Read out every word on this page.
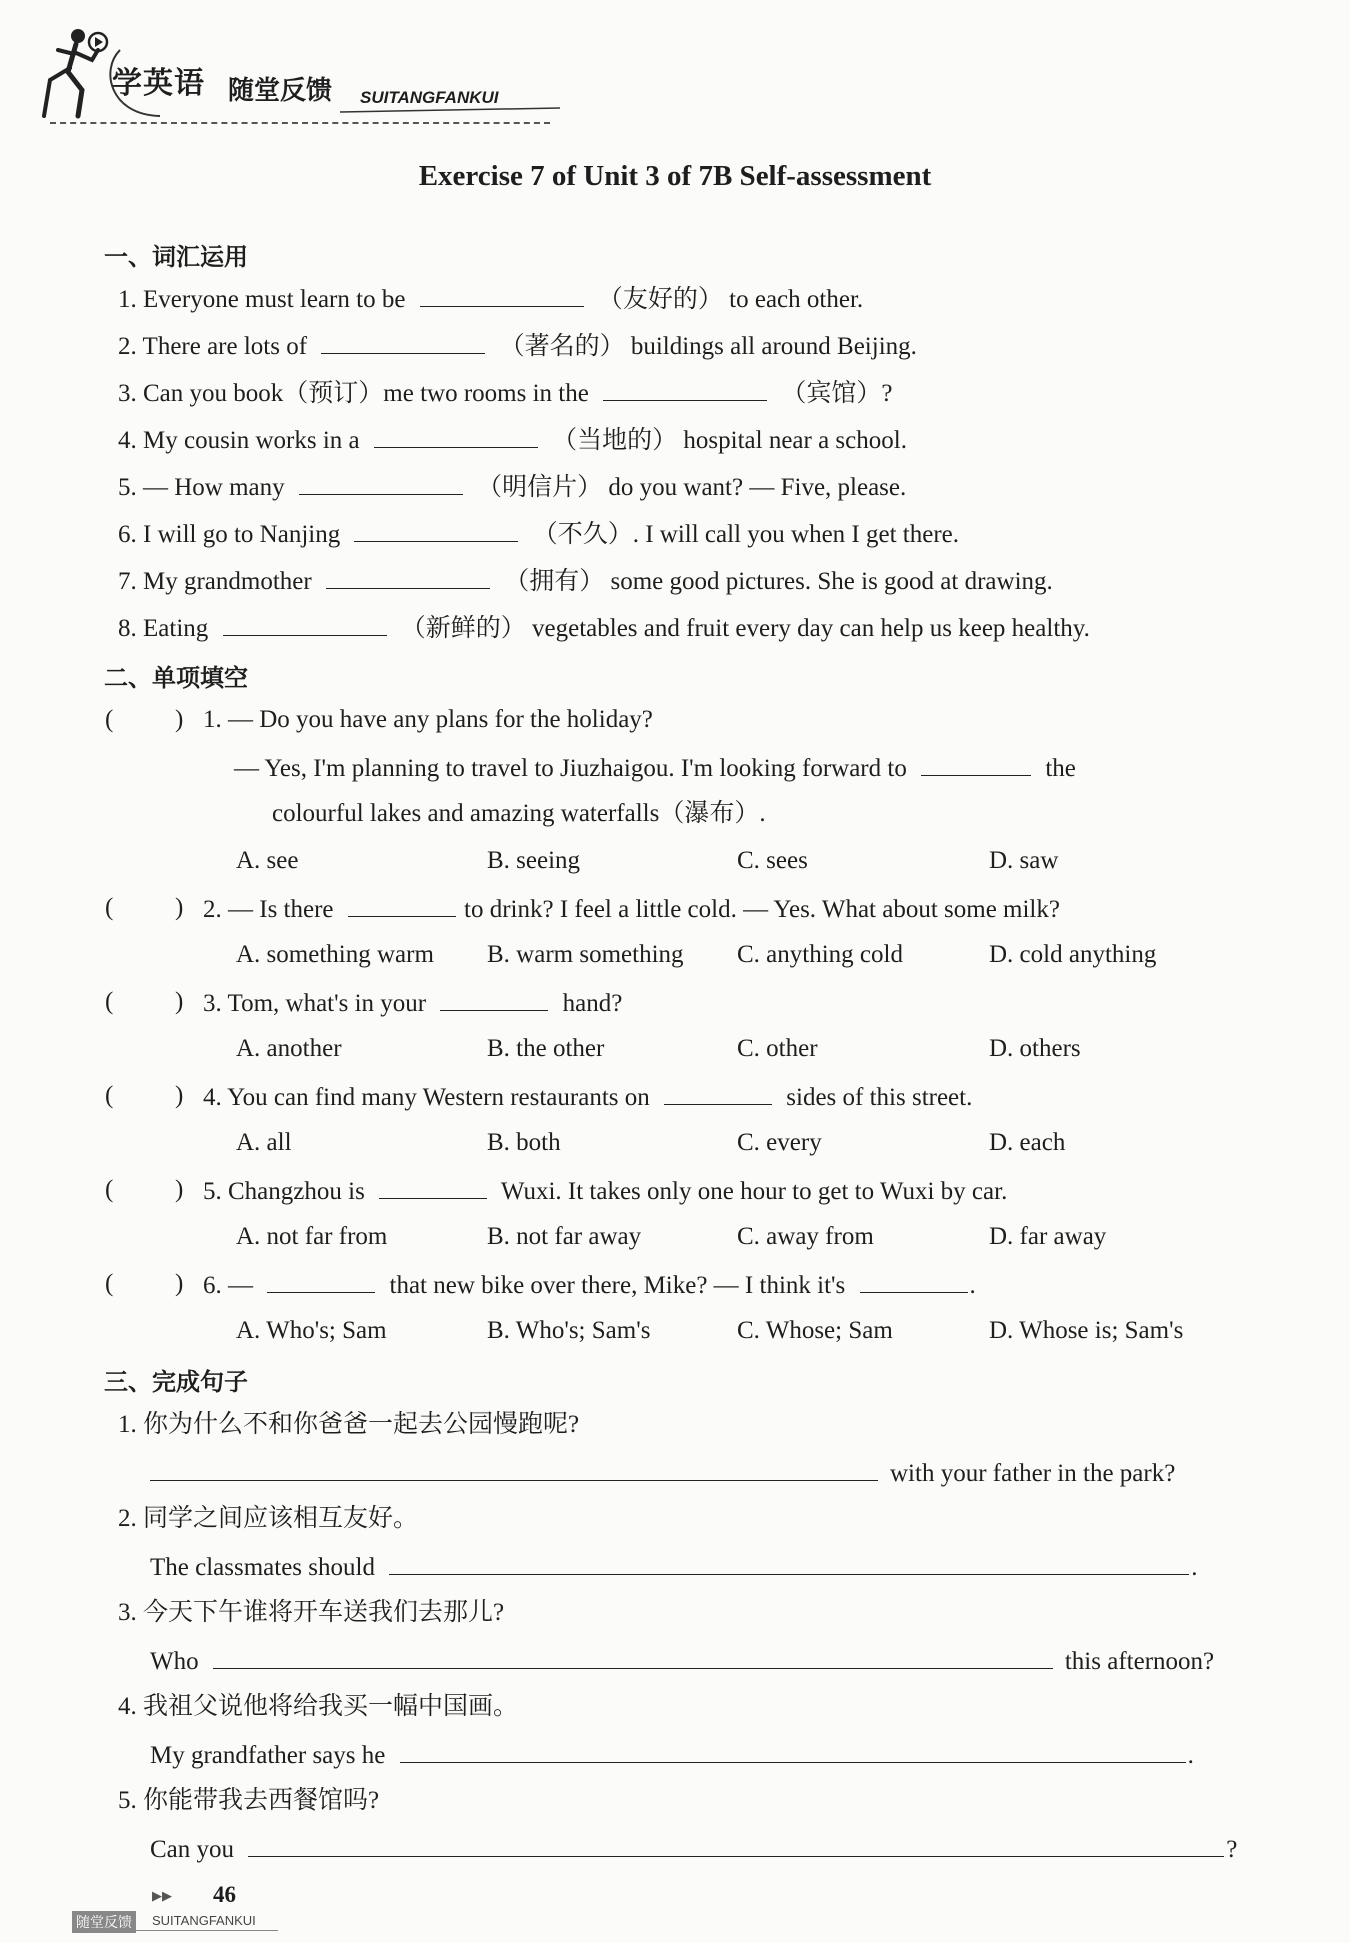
学英语 随堂反馈 SUITANGFANKUI
Exercise 7 of Unit 3 of 7B Self-assessment
一、词汇运用
1. Everyone must learn to be	（友好的） to each other.
2. There are lots of	（著名的） buildings all around Beijing.
3. Can you book（预订）me two rooms in the	（宾馆）?
4. My cousin works in a	（当地的） hospital near a school.
5. — How many	（明信片） do you want? — Five, please.
6. I will go to Nanjing	（不久）. I will call you when I get there.
7. My grandmother	（拥有） some good pictures. She is good at drawing.
8. Eating	（新鲜的） vegetables and fruit every day can help us keep healthy.
二、单项填空
( ) 1. — Do you have any plans for the holiday?
— Yes, I'm planning to travel to Jiuzhaigou. I'm looking forward to	the
colourful lakes and amazing waterfalls（瀑布）.
A. see	B. seeing	C. sees	D. saw
( ) 2. — Is there	to drink? I feel a little cold. — Yes. What about some milk?
A. something warm B. warm something C. anything cold	D. cold anything
( ) 3. Tom, what's in your	hand?
A. another	B. the other	C. other	D. others
( ) 4. You can find many Western restaurants on	sides of this street.
A. all	B. both	C. every	D. each
( ) 5. Changzhou is	Wuxi. It takes only one hour to get to Wuxi by car.
A. not far from	B. not far away	C. away from	D. far away
( ) 6. —	that new bike over there, Mike? — I think it's	.
A. Who's; Sam	B. Who's; Sam's	C. Whose; Sam	D. Whose is; Sam's
三、完成句子
1. 你为什么不和你爸爸一起去公园慢跑呢?
with your father in the park?
2. 同学之间应该相互友好。
The classmates should	.
3. 今天下午谁将开车送我们去那儿?
Who	this afternoon?
4. 我祖父说他将给我买一幅中国画。
My grandfather says he	.
5. 你能带我去西餐馆吗?
Can you	?
▶▶ 46
随堂反馈	SUITANGFANKUI
